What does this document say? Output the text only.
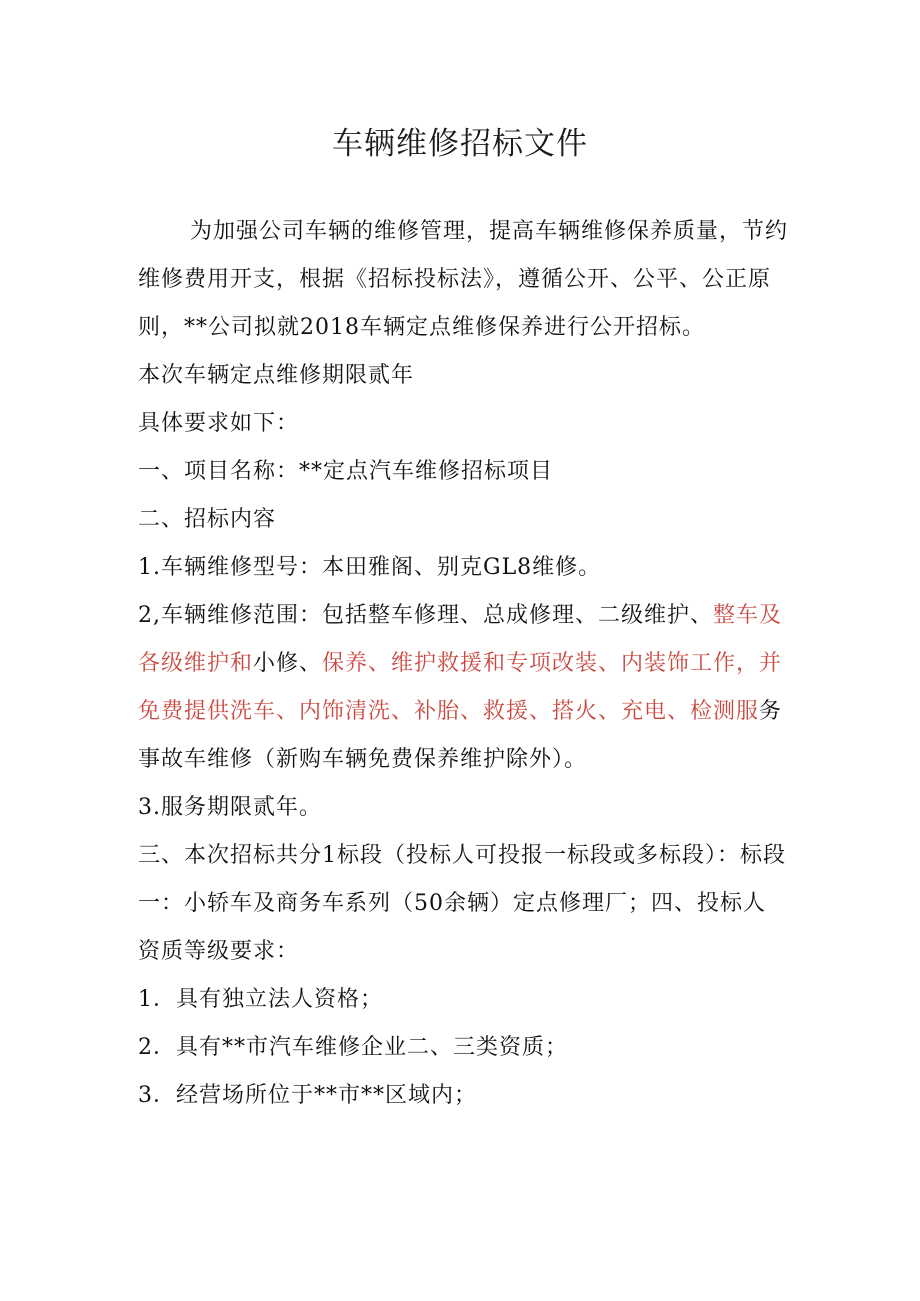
车辆维修招标文件

为加强公司车辆的维修管理，提高车辆维修保养质量，节约维修费用开支，根据《招标投标法》，遵循公开、公平、公正原则，**公司拟就2018车辆定点维修保养进行公开招标。

本次车辆定点维修期限贰年

具体要求如下：

一、项目名称：**定点汽车维修招标项目

二、招标内容

1.车辆维修型号：本田雅阁、别克GL8维修。

2,车辆维修范围：包括整车修理、总成修理、二级维护、整车及各级维护和小修、保养、维护救援和专项改装、内装饰工作，并免费提供洗车、内饰清洗、补胎、救援、搭火、充电、检测服务事故车维修（新购车辆免费保养维护除外）。

3.服务期限贰年。

三、本次招标共分1标段（投标人可投报一标段或多标段）：标段一：小轿车及商务车系列（50余辆）定点修理厂；四、投标人资质等级要求：

1．具有独立法人资格；

2．具有**市汽车维修企业二、三类资质；

3．经营场所位于**市**区域内；
